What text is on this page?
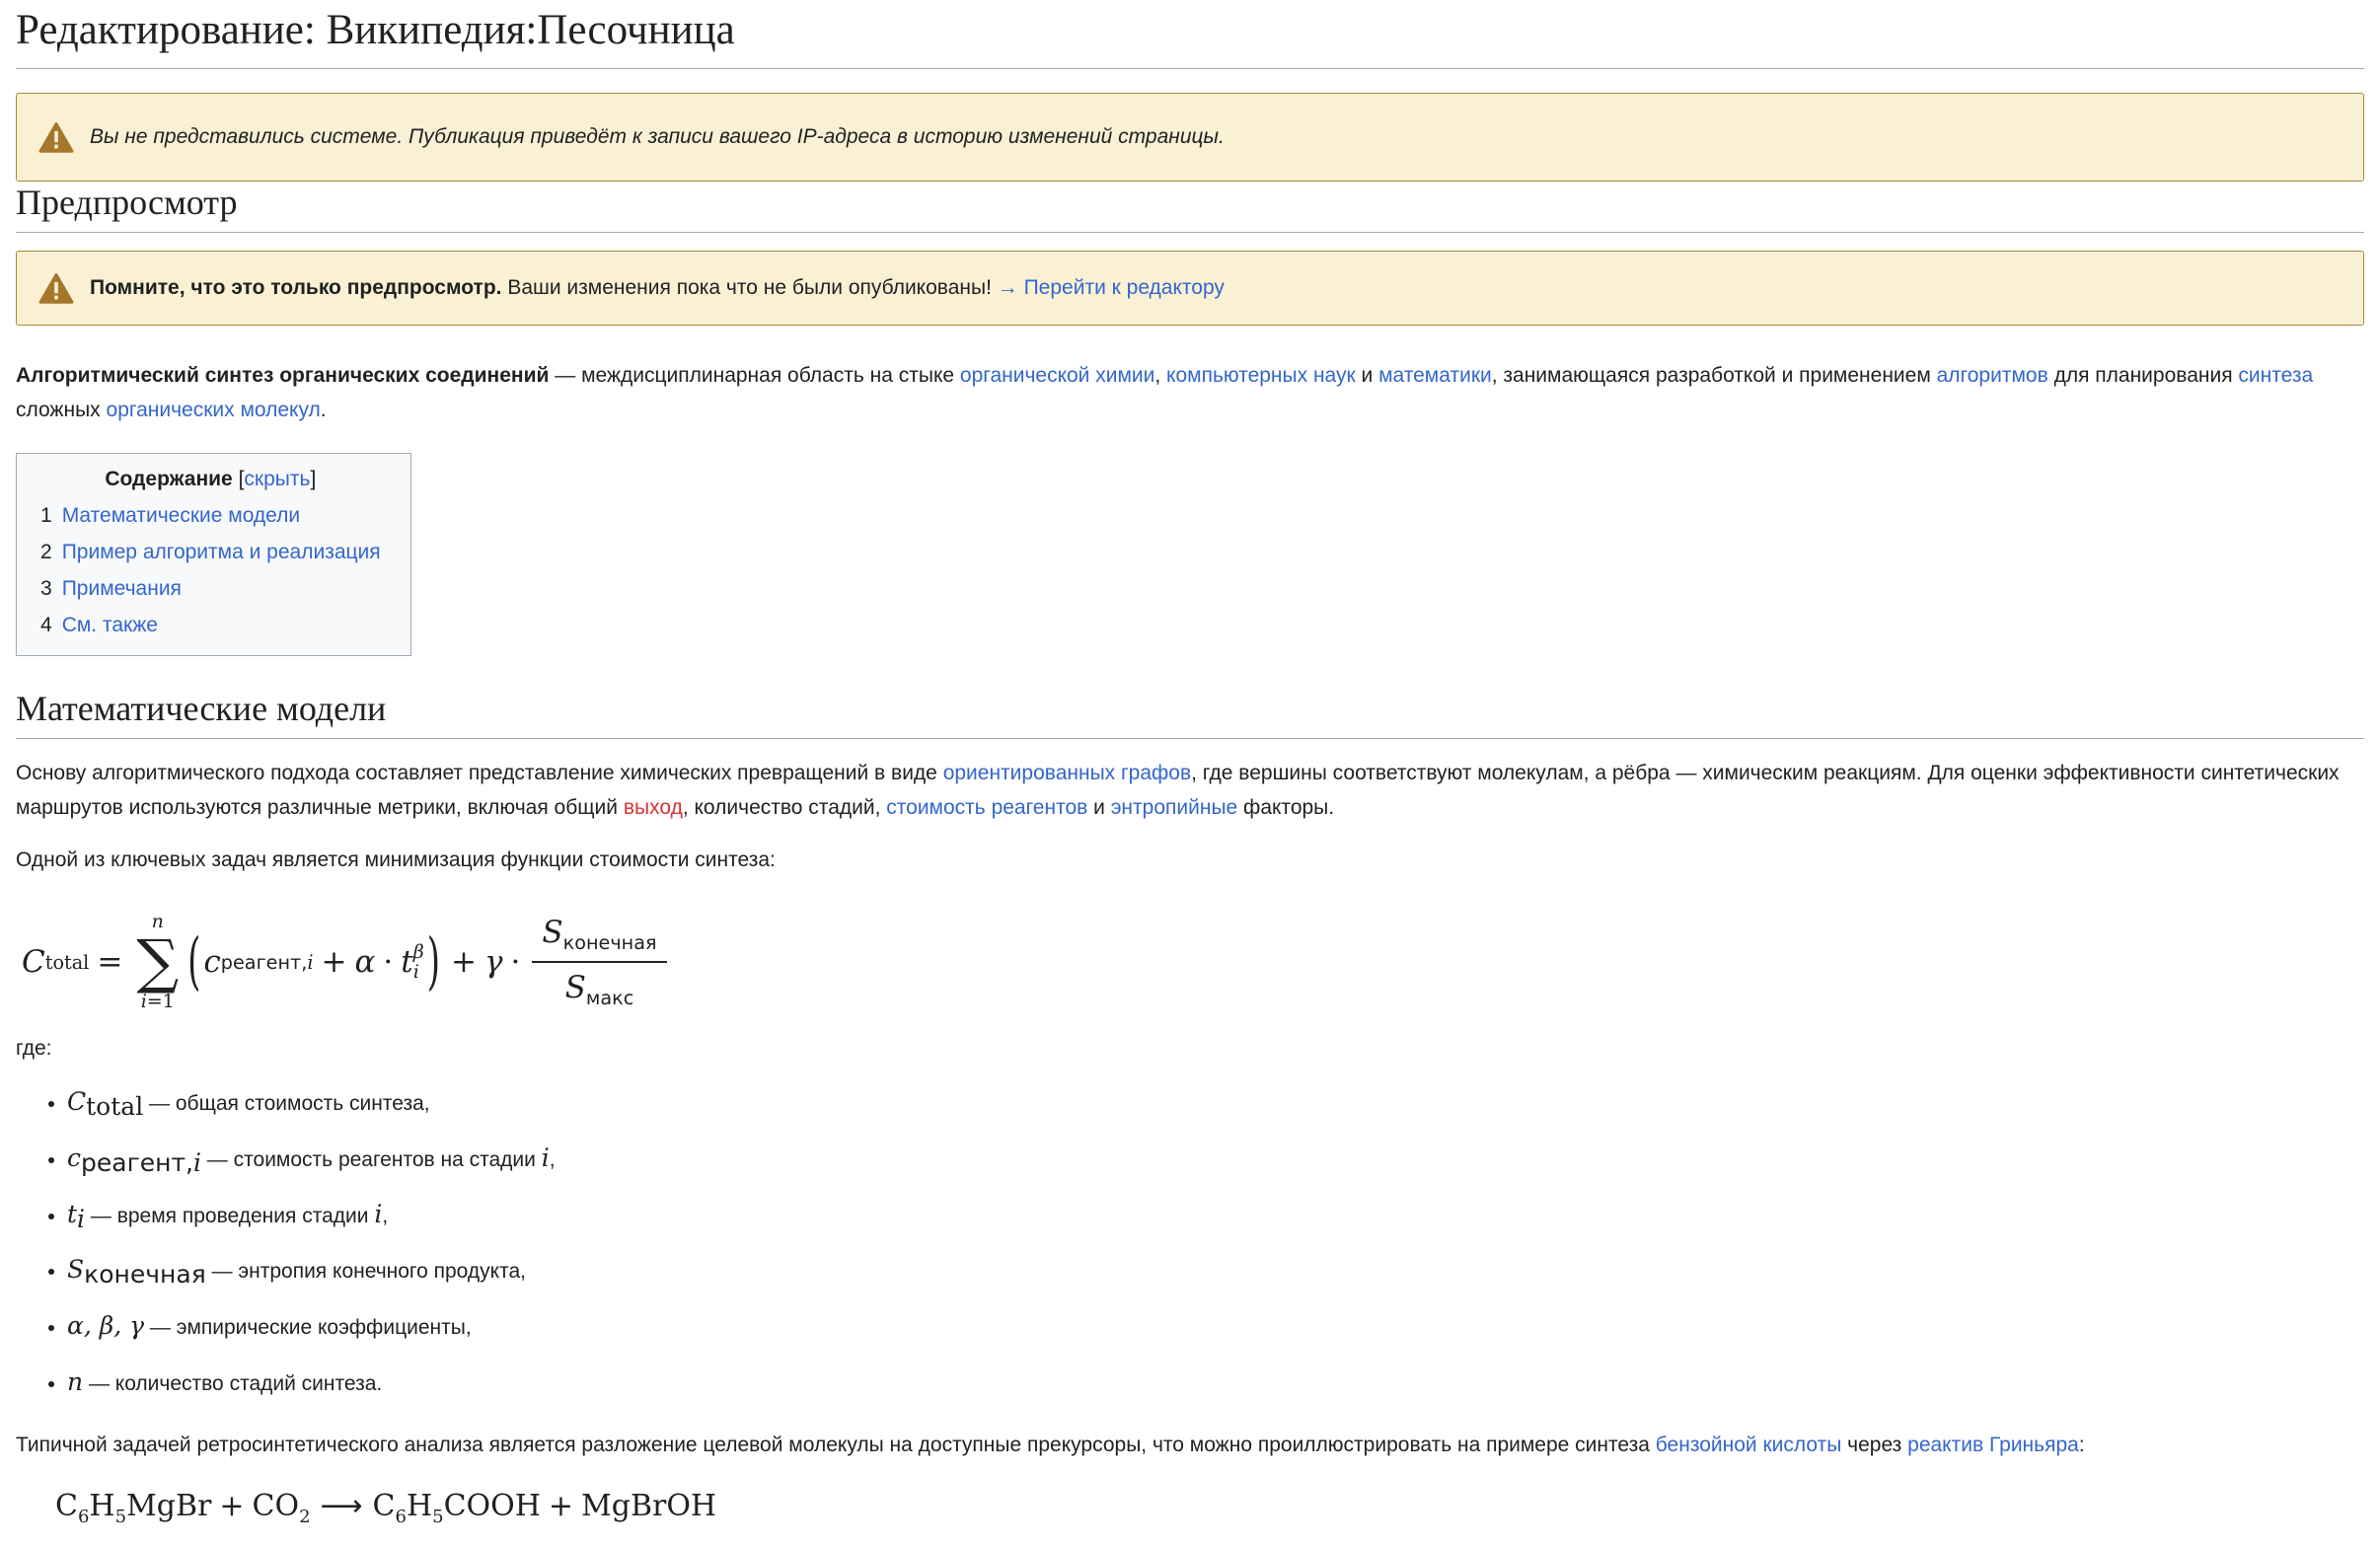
Редактирование: Википедия:Песочница
Вы не представились системе. Публикация приведёт к записи вашего IP-адреса в историю изменений страницы.
Предпросмотр
Помните, что это только предпросмотр. Ваши изменения пока что не были опубликованы! → Перейти к редактору

Алгоритмический синтез органических соединений — междисциплинарная область на стыке органической химии, компьютерных наук и математики, занимающаяся разработкой и применением алгоритмов для планирования синтеза сложных органических молекул.

Содержание [скрыть]
1 Математические модели
2 Пример алгоритма и реализация
3 Примечания
4 См. также
Математические модели

Основу алгоритмического подхода составляет представление химических превращений в виде ориентированных графов, где вершины соответствуют молекулам, а рёбра — химическим реакциям. Для оценки эффективности синтетических маршрутов используются различные метрики, включая общий выход, количество стадий, стоимость реагентов и энтропийные факторы.

Одной из ключевых задач является минимизация функции стоимости синтеза:

C total =
n
∑
i=1
( c реагент,i + α · t β
i ) + $\gamma \cdot \frac{S_{конечная}}{S_{макс}}$

где:

• $C_{total}$ — общая стоимость синтеза,
• $c_{реагент,i}$ — стоимость реагентов на стадии i,
• $t_i$ — время проведения стадии i,
• $S_{конечная}$ — энтропия конечного продукта,
• α, β, γ — эмпирические коэффициенты,
• n — количество стадий синтеза.

Типичной задачей ретросинтетического анализа является разложение целевой молекулы на доступные прекурсоры, что можно проиллюстрировать на примере синтеза бензойной кислоты через реактив Гриньяра:

$C_6H_5MgBr + CO_2$ ⟶ $C_6H_5COOH$ + MgBrOH
